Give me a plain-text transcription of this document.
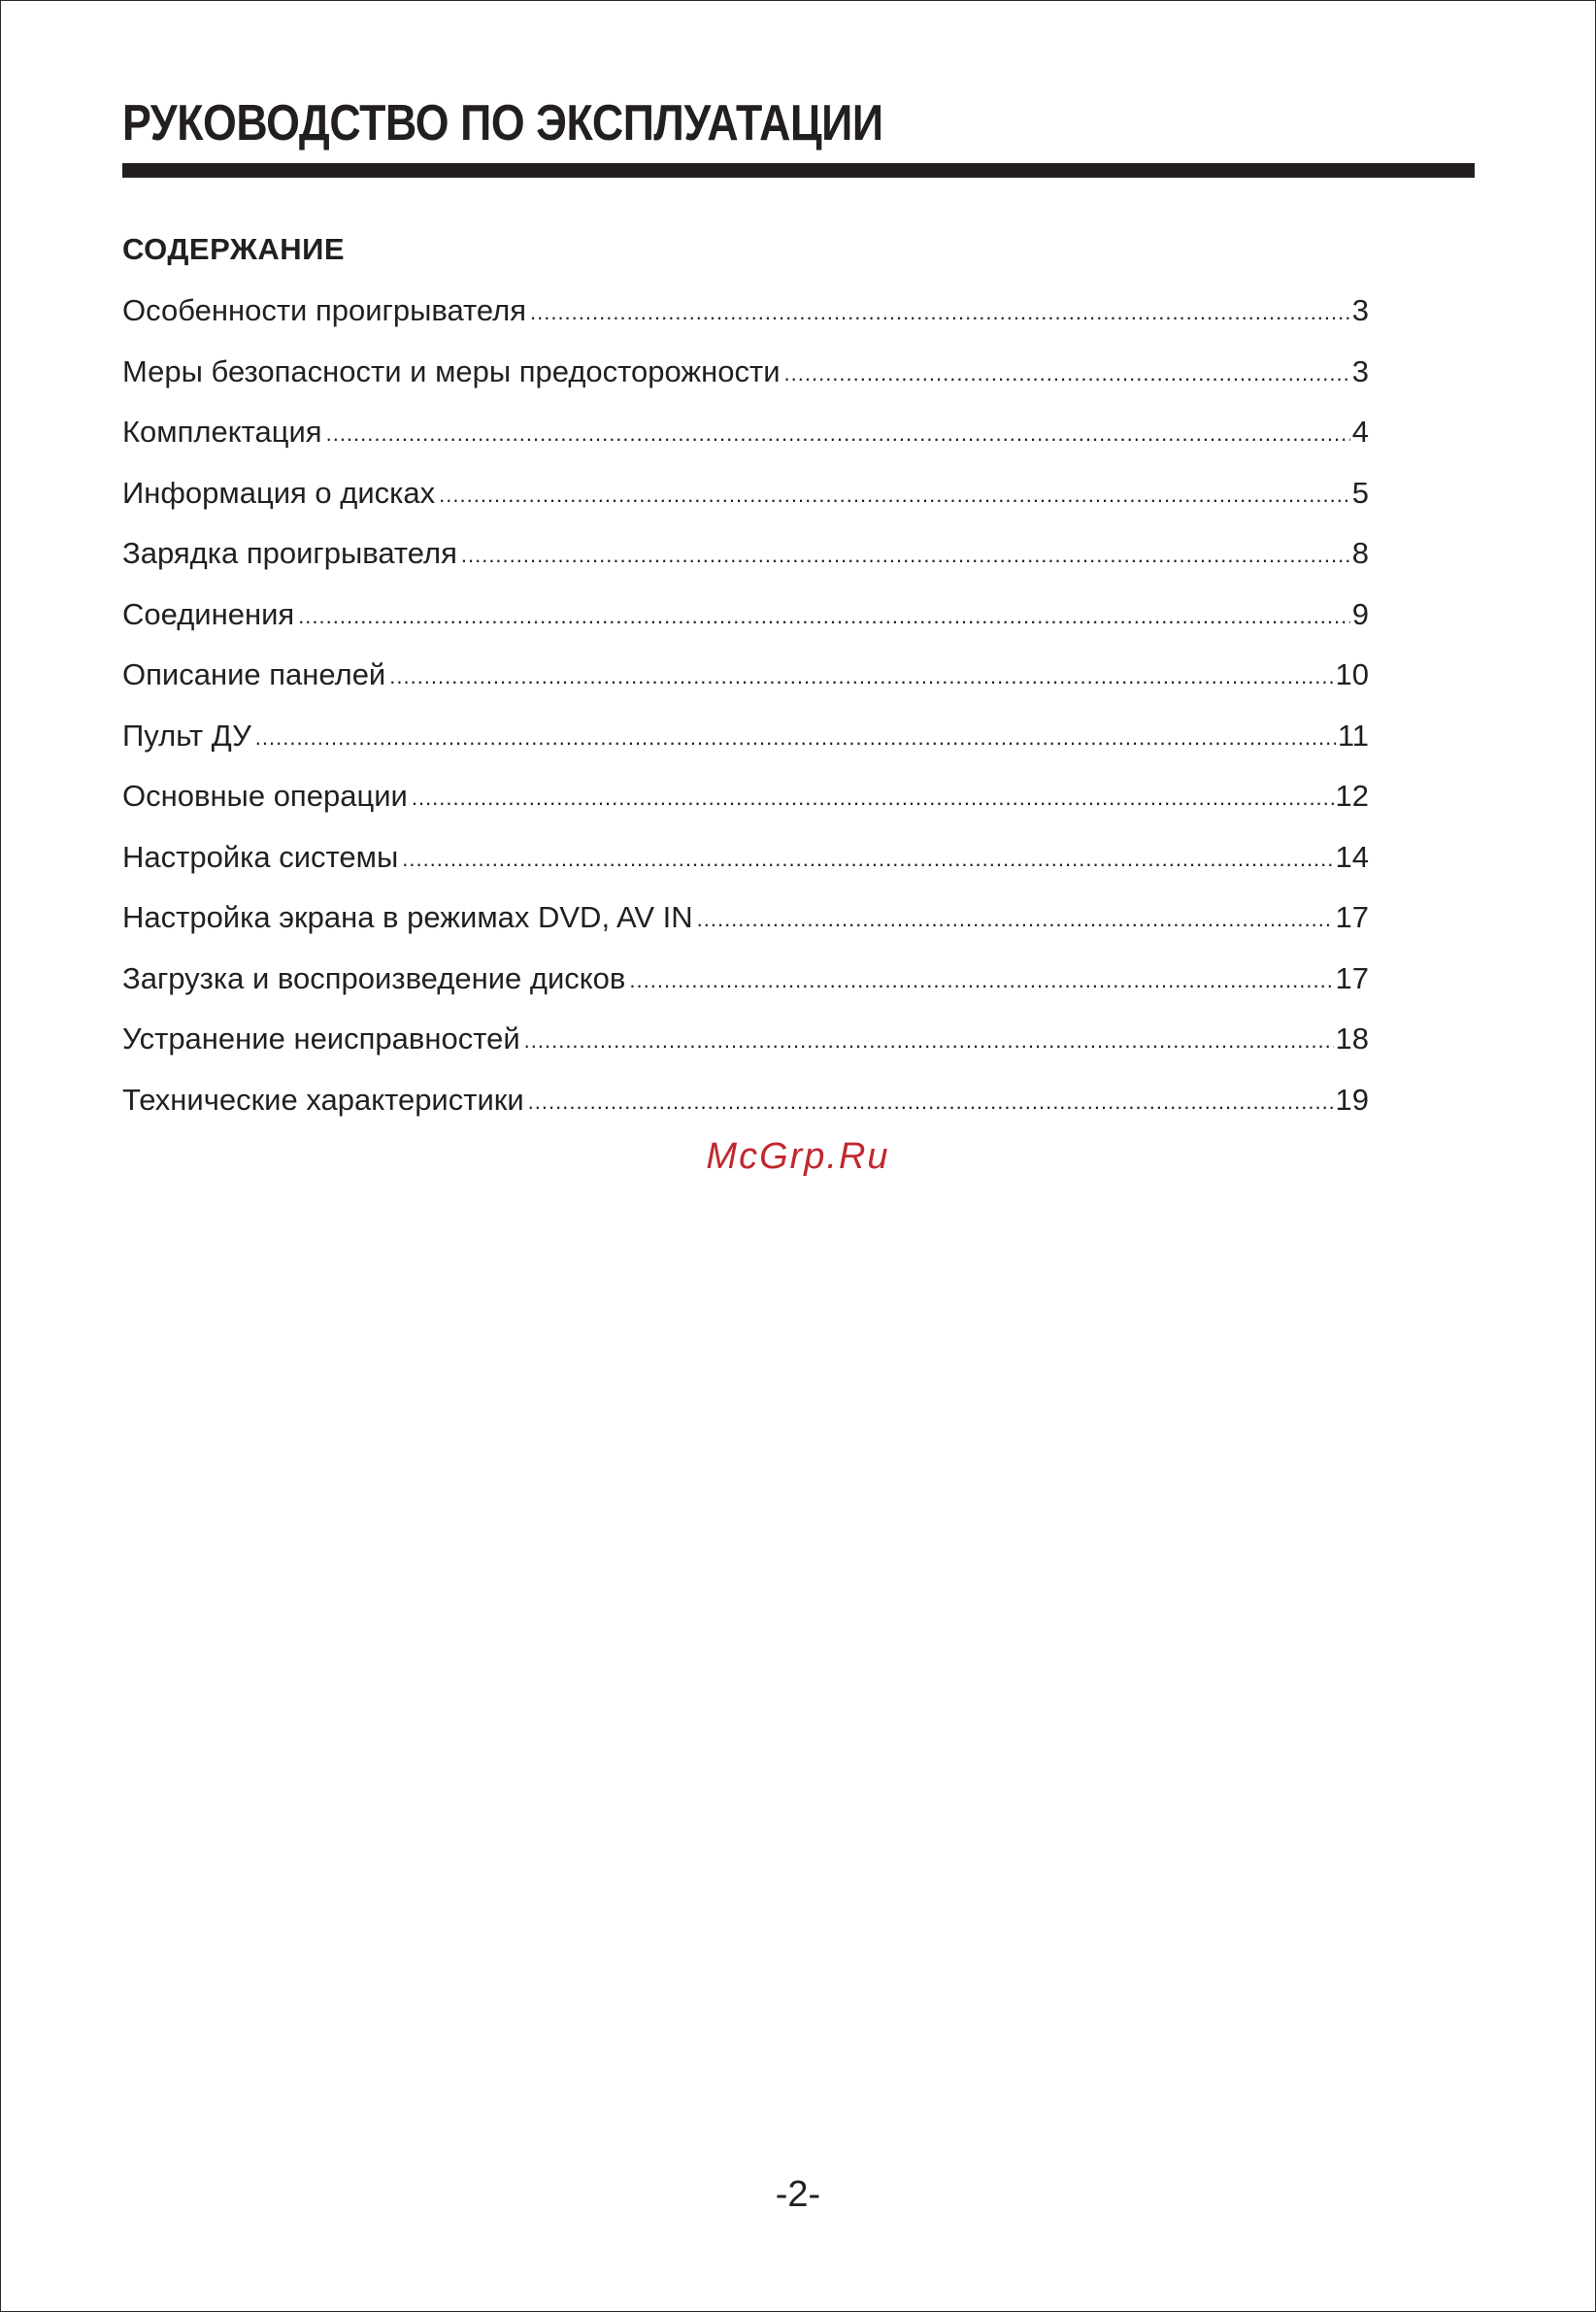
РУКОВОДСТВО ПО ЭКСПЛУАТАЦИИ
СОДЕРЖАНИЕ
Особенности проигрывателя .....	3
Меры безопасности и меры предосторожности .....	3
Комплектация .....	4
Информация о дисках .....	5
Зарядка проигрывателя .....	8
Соединения .....	9
Описание панелей .....	10
Пульт ДУ .....	11
Основные операции .....	12
Настройка системы .....	14
Настройка экрана в режимах DVD, AV IN .....	17
Загрузка и воспроизведение дисков .....	17
Устранение неисправностей .....	18
Технические характеристики .....	19
McGrp.Ru
-2-
